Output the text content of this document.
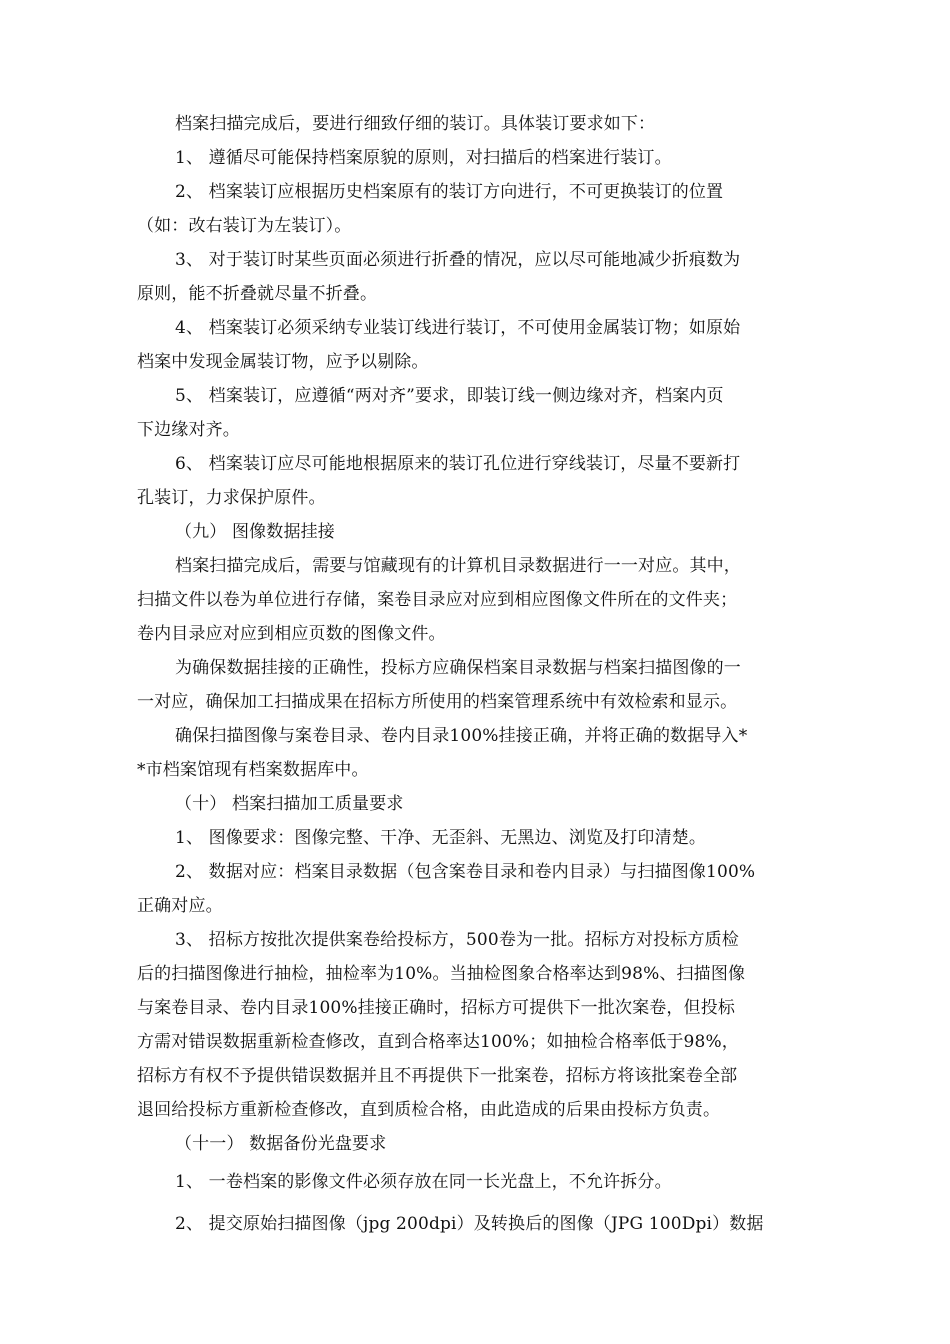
档案扫描完成后，要进行细致仔细的装订。具体装订要求如下：
1、 遵循尽可能保持档案原貌的原则，对扫描后的档案进行装订。
2、 档案装订应根据历史档案原有的装订方向进行，不可更换装订的位置
（如：改右装订为左装订）。
3、 对于装订时某些页面必须进行折叠的情况，应以尽可能地减少折痕数为
原则，能不折叠就尽量不折叠。
4、 档案装订必须采纳专业装订线进行装订，不可使用金属装订物；如原始
档案中发现金属装订物，应予以剔除。
5、 档案装订，应遵循“两对齐”要求，即装订线一侧边缘对齐，档案内页
下边缘对齐。
6、 档案装订应尽可能地根据原来的装订孔位进行穿线装订，尽量不要新打
孔装订，力求保护原件。
（九） 图像数据挂接
档案扫描完成后，需要与馆藏现有的计算机目录数据进行一一对应。其中，
扫描文件以卷为单位进行存储，案卷目录应对应到相应图像文件所在的文件夹；
卷内目录应对应到相应页数的图像文件。
为确保数据挂接的正确性，投标方应确保档案目录数据与档案扫描图像的一
一对应，确保加工扫描成果在招标方所使用的档案管理系统中有效检索和显示。
确保扫描图像与案卷目录、卷内目录100%挂接正确，并将正确的数据导入*
*市档案馆现有档案数据库中。
（十） 档案扫描加工质量要求
1、 图像要求：图像完整、干净、无歪斜、无黑边、浏览及打印清楚。
2、 数据对应：档案目录数据（包含案卷目录和卷内目录）与扫描图像100%
正确对应。
3、 招标方按批次提供案卷给投标方，500卷为一批。招标方对投标方质检
后的扫描图像进行抽检，抽检率为10%。当抽检图象合格率达到98%、扫描图像
与案卷目录、卷内目录100%挂接正确时，招标方可提供下一批次案卷，但投标
方需对错误数据重新检查修改，直到合格率达100%；如抽检合格率低于98%，
招标方有权不予提供错误数据并且不再提供下一批案卷，招标方将该批案卷全部
退回给投标方重新检查修改，直到质检合格，由此造成的后果由投标方负责。
（十一） 数据备份光盘要求
1、 一卷档案的影像文件必须存放在同一长光盘上，不允许拆分。
2、 提交原始扫描图像（jpg 200dpi）及转换后的图像（JPG 100Dpi）数据
